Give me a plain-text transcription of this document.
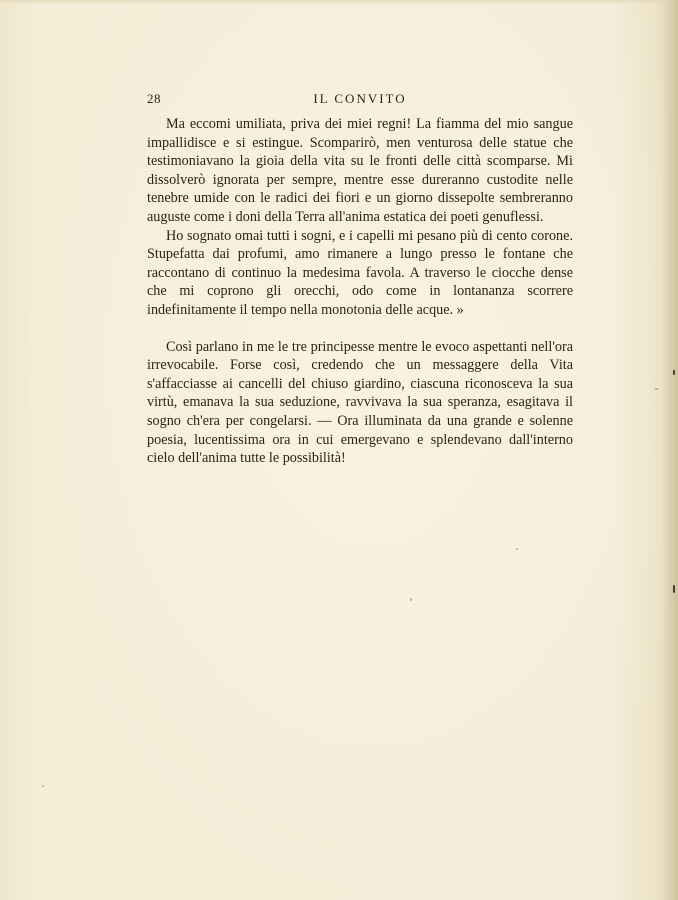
28	IL CONVITO

Ma eccomi umiliata, priva dei miei regni! La fiamma del mio sangue impallidisce e si estingue. Scomparirò, men venturosa delle statue che testimoniavano la gioia della vita su le fronti delle città scomparse. Mi dissolverò ignorata per sempre, mentre esse dureranno custodite nelle tenebre umide con le radici dei fiori e un giorno dissepolte sembreranno auguste come i doni della Terra all'anima estatica dei poeti genuflessi.

Ho sognato omai tutti i sogni, e i capelli mi pesano più di cento corone. Stupefatta dai profumi, amo rimanere a lungo presso le fontane che raccontano di continuo la medesima favola. A traverso le ciocche dense che mi coprono gli orecchi, odo come in lontananza scorrere indefinitamente il tempo nella monotonia delle acque. »

Così parlano in me le tre principesse mentre le evoco aspettanti nell'ora irrevocabile. Forse così, credendo che un messaggere della Vita s'affacciasse ai cancelli del chiuso giardino, ciascuna riconosceva la sua virtù, emanava la sua seduzione, ravvivava la sua speranza, esagitava il sogno ch'era per congelarsi. — Ora illuminata da una grande e solenne poesia, lucentissima ora in cui emergevano e splendevano dall'interno cielo dell'anima tutte le possibilità!
